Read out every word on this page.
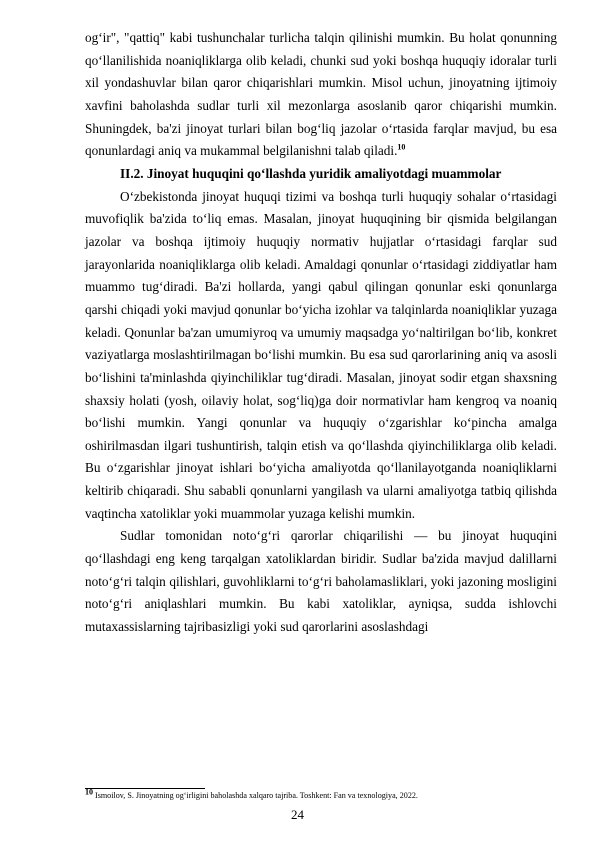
og‘ir", "qattiq" kabi tushunchalar turlicha talqin qilinishi mumkin. Bu holat qonunning qo‘llanilishida noaniqliklarga olib keladi, chunki sud yoki boshqa huquqiy idoralar turli xil yondashuvlar bilan qaror chiqarishlari mumkin. Misol uchun, jinoyatning ijtimoiy xavfini baholashda sudlar turli xil mezonlarga asoslanib qaror chiqarishi mumkin. Shuningdek, ba'zi jinoyat turlari bilan bog‘liq jazolar o‘rtasida farqlar mavjud, bu esa qonunlardagi aniq va mukammal belgilanishni talab qiladi.$^{10}$

II.2. Jinoyat huquqini qo‘llashda yuridik amaliyotdagi muammolar

O‘zbekistonda jinoyat huquqi tizimi va boshqa turli huquqiy sohalar o‘rtasidagi muvofiqlik ba'zida to‘liq emas. Masalan, jinoyat huquqining bir qismida belgilangan jazolar va boshqa ijtimoiy huquqiy normativ hujjatlar o‘rtasidagi farqlar sud jarayonlarida noaniqliklarga olib keladi. Amaldagi qonunlar o‘rtasidagi ziddiyatlar ham muammo tug‘diradi. Ba'zi hollarda, yangi qabul qilingan qonunlar eski qonunlarga qarshi chiqadi yoki mavjud qonunlar bo‘yicha izohlar va talqinlarda noaniqliklar yuzaga keladi. Qonunlar ba'zan umumiyroq va umumiy maqsadga yo‘naltirilgan bo‘lib, konkret vaziyatlarga moslashtirilmagan bo‘lishi mumkin. Bu esa sud qarorlarining aniq va asosli bo‘lishini ta'minlashda qiyinchiliklar tug‘diradi. Masalan, jinoyat sodir etgan shaxsning shaxsiy holati (yosh, oilaviy holat, sog‘liq)ga doir normativlar ham kengroq va noaniq bo‘lishi mumkin. Yangi qonunlar va huquqiy o‘zgarishlar ko‘pincha amalga oshirilmasdan ilgari tushuntirish, talqin etish va qo‘llashda qiyinchiliklarga olib keladi. Bu o‘zgarishlar jinoyat ishlari bo‘yicha amaliyotda qo‘llanilayotganda noaniqliklarni keltirib chiqaradi. Shu sababli qonunlarni yangilash va ularni amaliyotga tatbiq qilishda vaqtincha xatoliklar yoki muammolar yuzaga kelishi mumkin.

Sudlar tomonidan noto‘g‘ri qarorlar chiqarilishi — bu jinoyat huquqini qo‘llashdagi eng keng tarqalgan xatoliklardan biridir. Sudlar ba'zida mavjud dalillarni noto‘g‘ri talqin qilishlari, guvohliklarni to‘g‘ri baholamasliklari, yoki jazoning mosligini noto‘g‘ri aniqlashlari mumkin. Bu kabi xatoliklar, ayniqsa, sudda ishlovchi mutaxassislarning tajribasizligi yoki sud qarorlarini asoslashdagi

$^{10}$ Ismoilov, S. Jinoyatning og‘irligini baholashda xalqaro tajriba. Toshkent: Fan va texnologiya, 2022.
24
